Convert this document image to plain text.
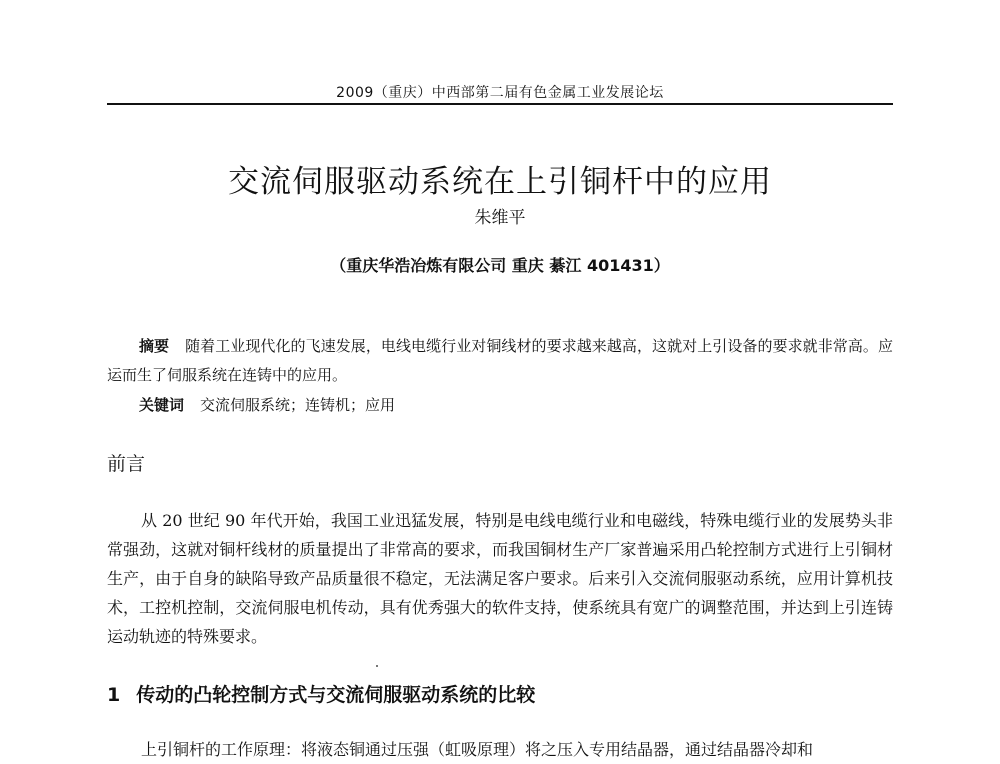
2009（重庆）中西部第二届有色金属工业发展论坛
交流伺服驱动系统在上引铜杆中的应用
朱维平
（重庆华浩冶炼有限公司 重庆 綦江 401431）

摘要 随着工业现代化的飞速发展，电线电缆行业对铜线材的要求越来越高，这就对上引设备的要求就非常高。应运而生了伺服系统在连铸中的应用。

关键词 交流伺服系统；连铸机；应用

前言

从 20 世纪 90 年代开始，我国工业迅猛发展，特别是电线电缆行业和电磁线，特殊电缆行业的发展势头非常强劲，这就对铜杆线材的质量提出了非常高的要求，而我国铜材生产厂家普遍采用凸轮控制方式进行上引铜材生产，由于自身的缺陷导致产品质量很不稳定，无法满足客户要求。后来引入交流伺服驱动系统，应用计算机技术，工控机控制，交流伺服电机传动，具有优秀强大的软件支持，使系统具有宽广的调整范围，并达到上引连铸运动轨迹的特殊要求。

1 传动的凸轮控制方式与交流伺服驱动系统的比较

上引铜杆的工作原理：将液态铜通过压强（虹吸原理）将之压入专用结晶器，通过结晶器冷却和
